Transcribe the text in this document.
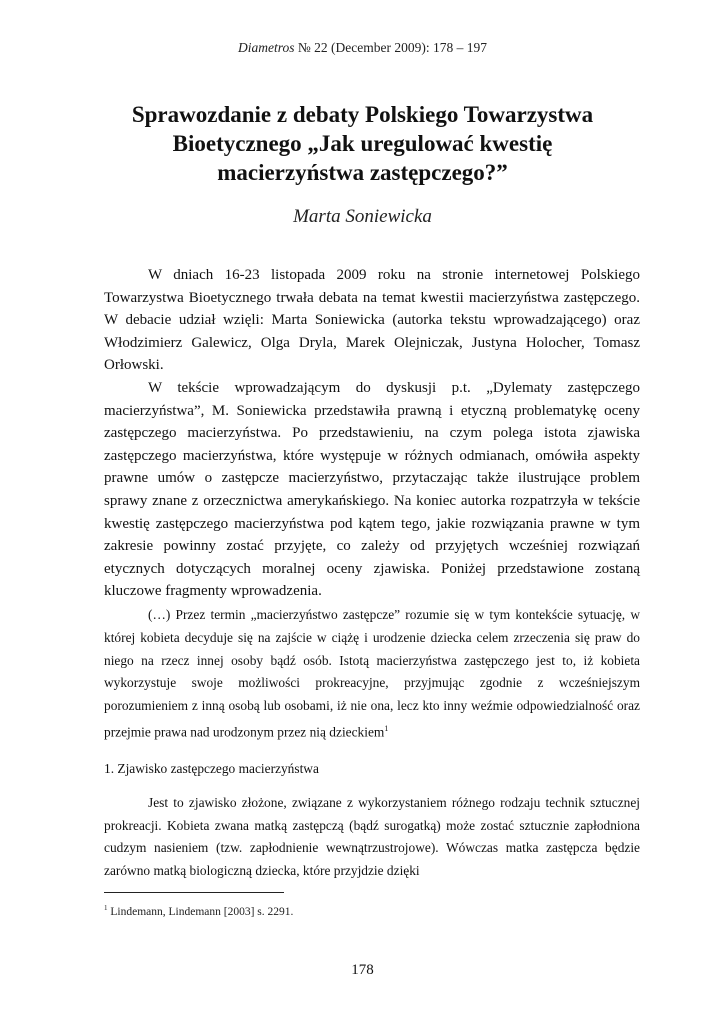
Diametros № 22 (December 2009): 178 – 197
Sprawozdanie z debaty Polskiego Towarzystwa
Bioetycznego „Jak uregulować kwestię
macierzyństwa zastępczego?”
Marta Soniewicka

W dniach 16-23 listopada 2009 roku na stronie internetowej Polskiego Towarzystwa Bioetycznego trwała debata na temat kwestii macierzyństwa zastępczego. W debacie udział wzięli: Marta Soniewicka (autorka tekstu wprowadzającego) oraz Włodzimierz Galewicz, Olga Dryla, Marek Olejniczak, Justyna Holocher, Tomasz Orłowski.

W tekście wprowadzającym do dyskusji p.t. „Dylematy zastępczego macierzyństwa”, M. Soniewicka przedstawiła prawną i etyczną problematykę oceny zastępczego macierzyństwa. Po przedstawieniu, na czym polega istota zjawiska zastępczego macierzyństwa, które występuje w różnych odmianach, omówiła aspekty prawne umów o zastępcze macierzyństwo, przytaczając także ilustrujące problem sprawy znane z orzecznictwa amerykańskiego. Na koniec autorka rozpatrzyła w tekście kwestię zastępczego macierzyństwa pod kątem tego, jakie rozwiązania prawne w tym zakresie powinny zostać przyjęte, co zależy od przyjętych wcześniej rozwiązań etycznych dotyczących moralnej oceny zjawiska. Poniżej przedstawione zostaną kluczowe fragmenty wprowadzenia.

(…) Przez termin „macierzyństwo zastępcze” rozumie się w tym kontekście sytuację, w której kobieta decyduje się na zajście w ciążę i urodzenie dziecka celem zrzeczenia się praw do niego na rzecz innej osoby bądź osób. Istotą macierzyństwa zastępczego jest to, iż kobieta wykorzystuje swoje możliwości prokreacyjne, przyjmując zgodnie z wcześniejszym porozumieniem z inną osobą lub osobami, iż nie ona, lecz kto inny weźmie odpowiedzialność oraz przejmie prawa nad urodzonym przez nią dzieckiem$^1$

1. Zjawisko zastępczego macierzyństwa

Jest to zjawisko złożone, związane z wykorzystaniem różnego rodzaju technik sztucznej prokreacji. Kobieta zwana matką zastępczą (bądź surogatką) może zostać sztucznie zapłodniona cudzym nasieniem (tzw. zapłodnienie wewnątrzustrojowe). Wówczas matka zastępcza będzie zarówno matką biologiczną dziecka, które przyjdzie dzięki

$^1$ Lindemann, Lindemann [2003] s. 2291.
178
